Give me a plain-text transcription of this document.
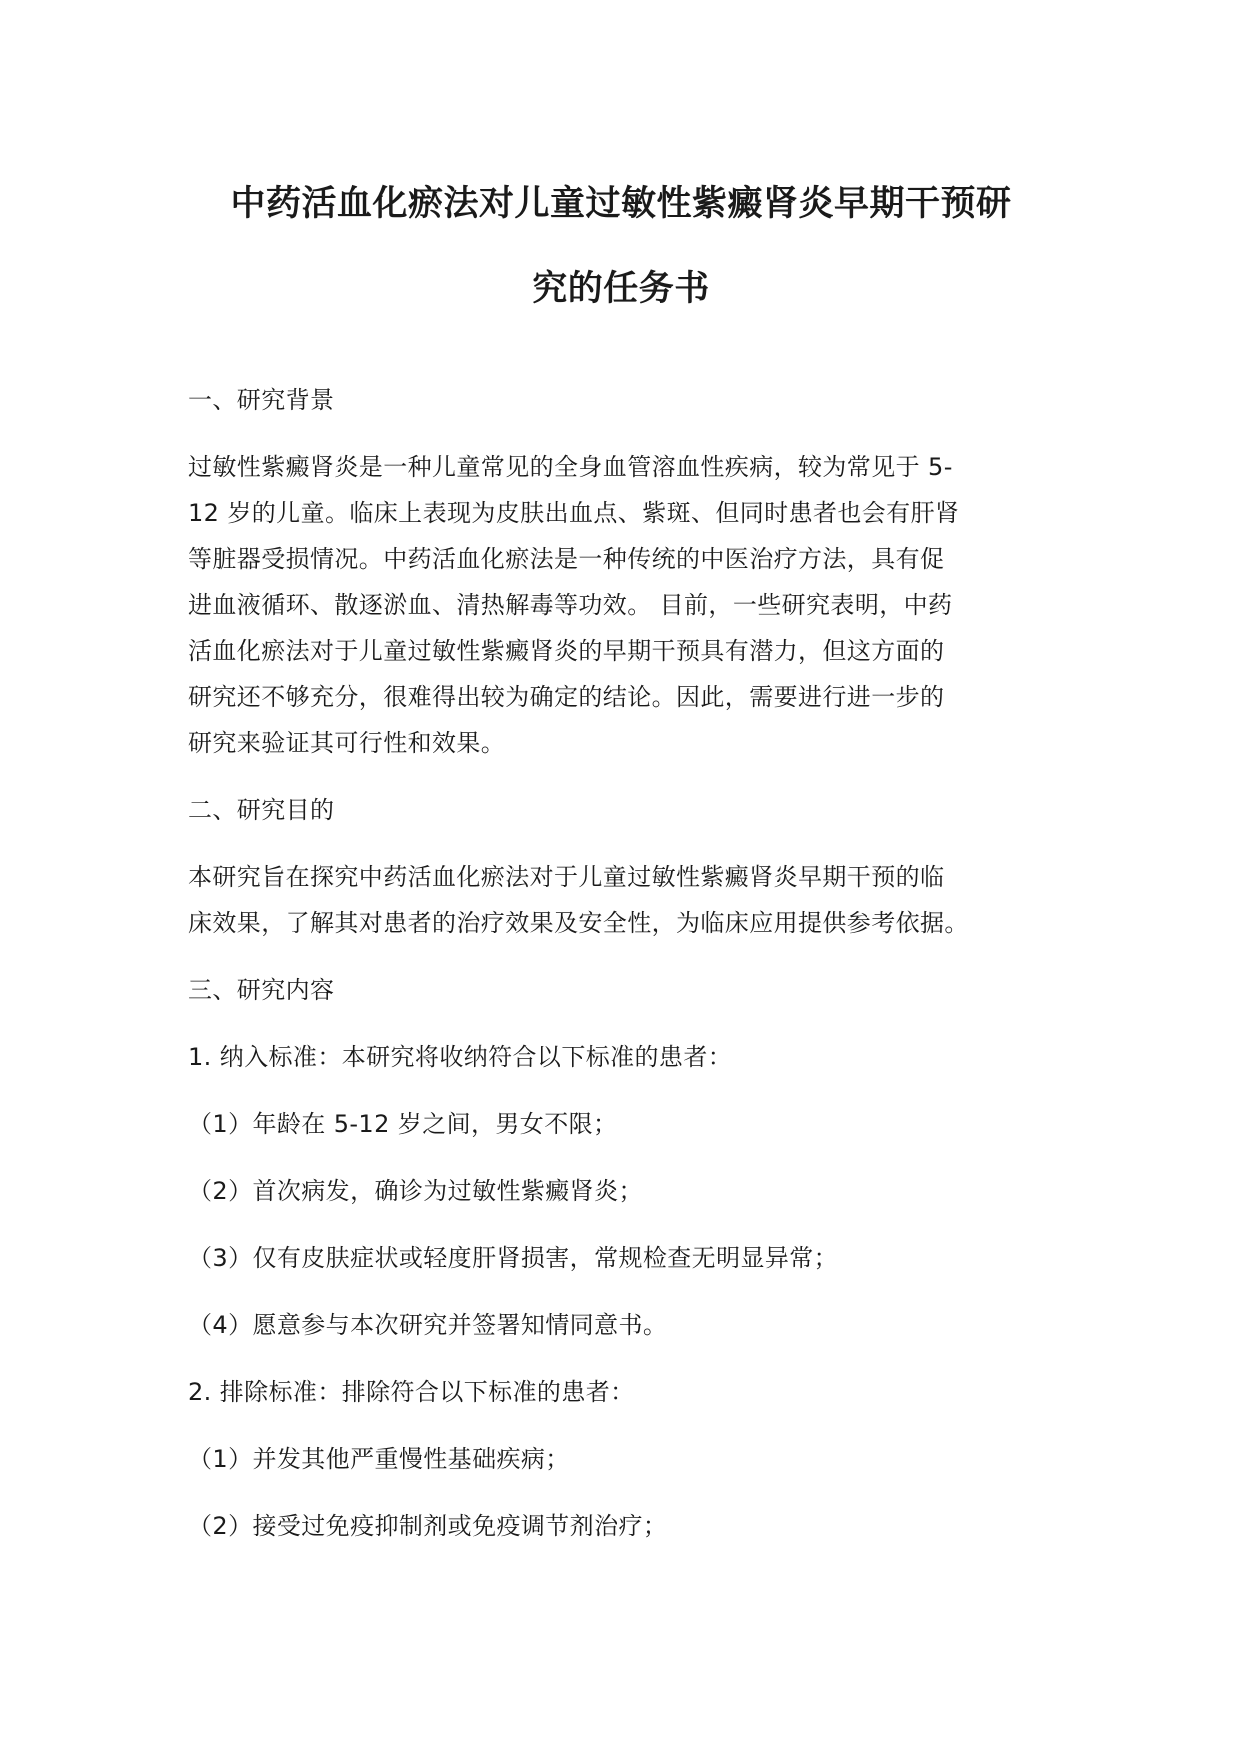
中药活血化瘀法对儿童过敏性紫癜肾炎早期干预研
究的任务书
一、研究背景
过敏性紫癜肾炎是一种儿童常见的全身血管溶血性疾病，较为常见于 5-
12 岁的儿童。临床上表现为皮肤出血点、紫斑、但同时患者也会有肝肾
等脏器受损情况。中药活血化瘀法是一种传统的中医治疗方法，具有促
进血液循环、散逐淤血、清热解毒等功效。 目前，一些研究表明，中药
活血化瘀法对于儿童过敏性紫癜肾炎的早期干预具有潜力，但这方面的
研究还不够充分，很难得出较为确定的结论。因此，需要进行进一步的
研究来验证其可行性和效果。
二、研究目的
本研究旨在探究中药活血化瘀法对于儿童过敏性紫癜肾炎早期干预的临
床效果，了解其对患者的治疗效果及安全性，为临床应用提供参考依据。
三、研究内容
1. 纳入标准：本研究将收纳符合以下标准的患者：
（1）年龄在 5-12 岁之间，男女不限；
（2）首次病发，确诊为过敏性紫癜肾炎；
（3）仅有皮肤症状或轻度肝肾损害，常规检查无明显异常；
（4）愿意参与本次研究并签署知情同意书。
2. 排除标准：排除符合以下标准的患者：
（1）并发其他严重慢性基础疾病；
（2）接受过免疫抑制剂或免疫调节剂治疗；
